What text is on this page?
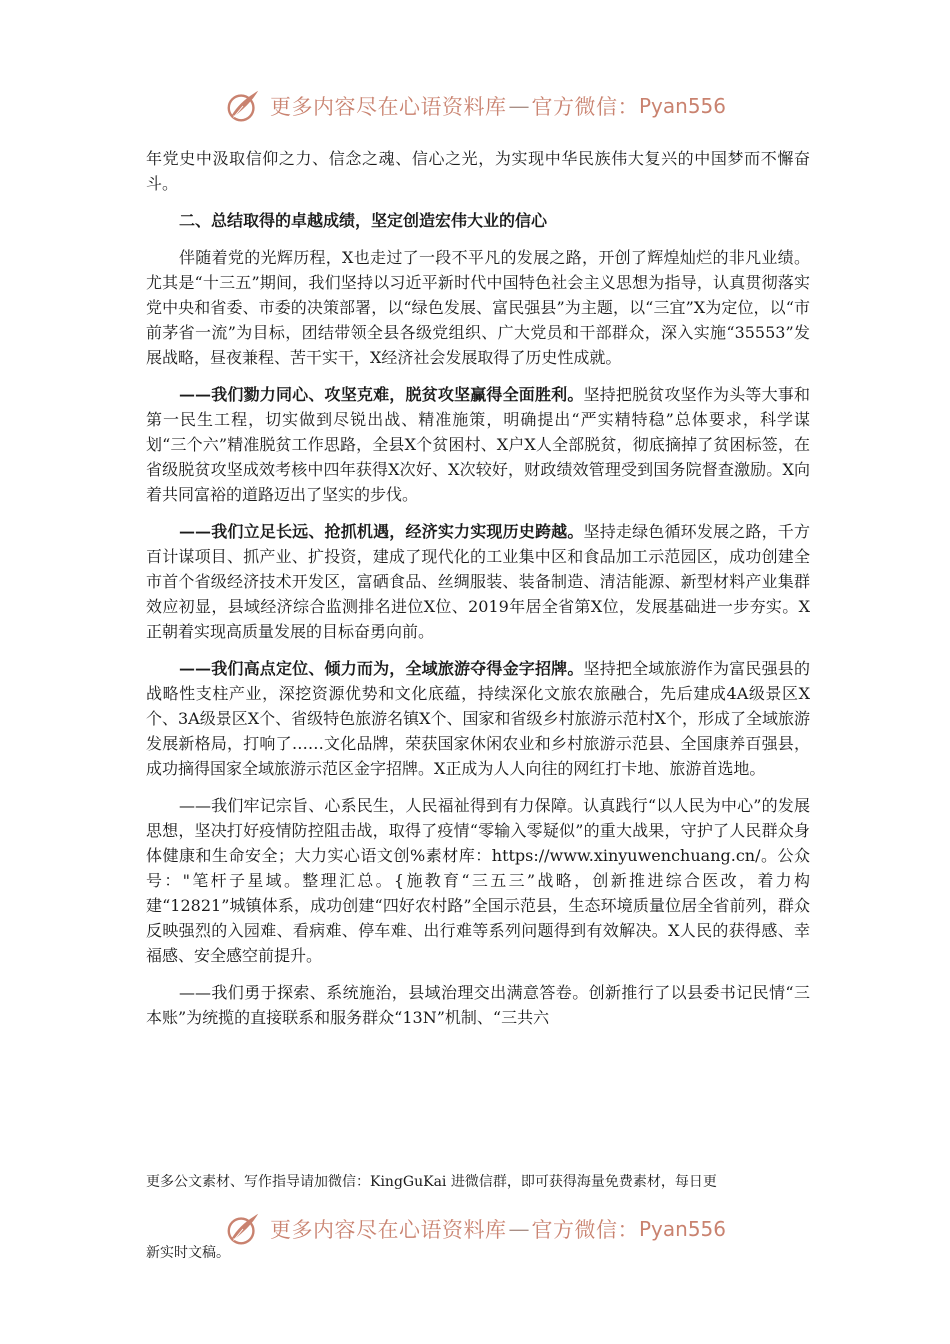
更多内容尽在心语资料库 — 官方微信： Pyan556

年党史中汲取信仰之力、信念之魂、信心之光，为实现中华民族伟大复兴的中国梦而不懈奋斗。

二、总结取得的卓越成绩，坚定创造宏伟大业的信心

伴随着党的光辉历程，X也走过了一段不平凡的发展之路，开创了辉煌灿烂的非凡业绩。尤其是“十三五”期间，我们坚持以习近平新时代中国特色社会主义思想为指导，认真贯彻落实党中央和省委、市委的决策部署，以“绿色发展、富民强县”为主题，以“三宜”X为定位，以“市前茅省一流”为目标，团结带领全县各级党组织、广大党员和干部群众，深入实施“35553”发展战略，昼夜兼程、苦干实干，X经济社会发展取得了历史性成就。

——我们勠力同心、攻坚克难，脱贫攻坚赢得全面胜利。坚持把脱贫攻坚作为头等大事和第一民生工程，切实做到尽锐出战、精准施策，明确提出“严实精特稳”总体要求，科学谋划“三个六”精准脱贫工作思路，全县X个贫困村、X户X人全部脱贫，彻底摘掉了贫困标签，在省级脱贫攻坚成效考核中四年获得X次好、X次较好，财政绩效管理受到国务院督查激励。X向着共同富裕的道路迈出了坚实的步伐。

——我们立足长远、抢抓机遇，经济实力实现历史跨越。坚持走绿色循环发展之路，千方百计谋项目、抓产业、扩投资，建成了现代化的工业集中区和食品加工示范园区，成功创建全市首个省级经济技术开发区，富硒食品、丝绸服装、装备制造、清洁能源、新型材料产业集群效应初显，县域经济综合监测排名进位X位、2019年居全省第X位，发展基础进一步夯实。X正朝着实现高质量发展的目标奋勇向前。

——我们高点定位、倾力而为，全域旅游夺得金字招牌。坚持把全域旅游作为富民强县的战略性支柱产业，深挖资源优势和文化底蕴，持续深化文旅农旅融合，先后建成4A级景区X个、3A级景区X个、省级特色旅游名镇X个、国家和省级乡村旅游示范村X个，形成了全域旅游发展新格局，打响了……文化品牌，荣获国家休闲农业和乡村旅游示范县、全国康养百强县，成功摘得国家全域旅游示范区金字招牌。X正成为人人向往的网红打卡地、旅游首选地。

——我们牢记宗旨、心系民生，人民福祉得到有力保障。认真践行“以人民为中心”的发展思想，坚决打好疫情防控阻击战，取得了疫情“零输入零疑似”的重大战果，守护了人民群众身体健康和生命安全；大力实心语文创%素材库：https://www.xinyuwenchuang.cn/。公众号："笔杆子星域。整理汇总。{施教育“三五三”战略，创新推进综合医改，着力构建“12821”城镇体系，成功创建“四好农村路”全国示范县，生态环境质量位居全省前列，群众反映强烈的入园难、看病难、停车难、出行难等系列问题得到有效解决。X人民的获得感、幸福感、安全感空前提升。

——我们勇于探索、系统施治，县域治理交出满意答卷。创新推行了以县委书记民情“三本账”为统揽的直接联系和服务群众“13N”机制、“三共六

更多公文素材、写作指导请加微信：KingGuKai 进微信群，即可获得海量免费素材，每日更
更多内容尽在心语资料库 — 官方微信： Pyan556
新实时文稿。
